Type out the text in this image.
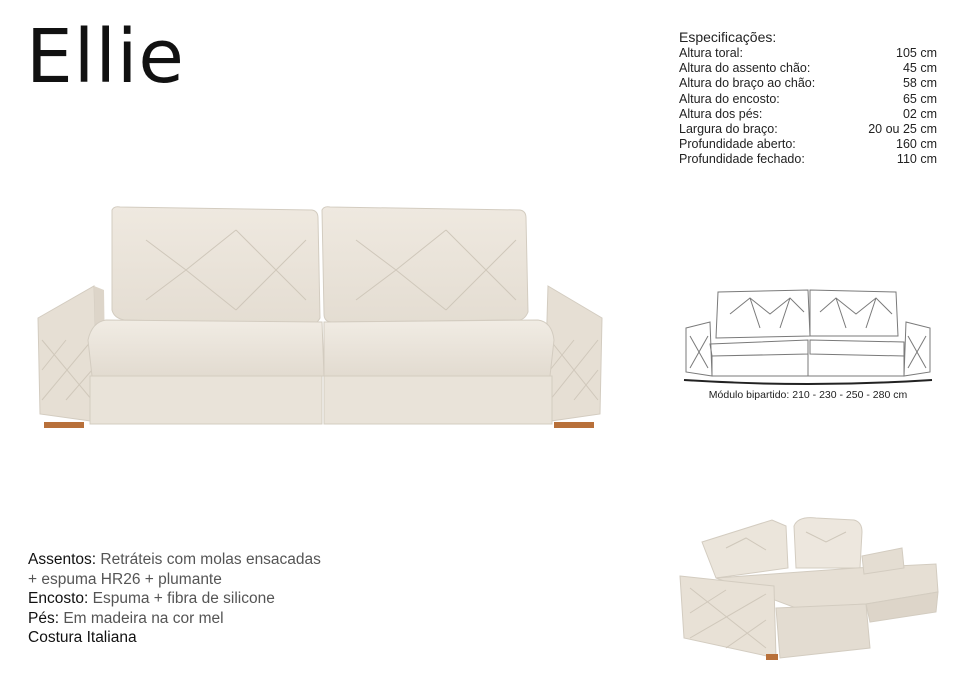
Ellie	Especificações:
Altura toral:	105 cm
Altura do assento chão:	45 cm
Altura do braço ao chão:	58 cm
Altura do encosto:	65 cm
Altura dos pés:	02 cm
Largura do braço:	20 ou 25 cm
Profundidade aberto:	160 cm
Profundidade fechado:	110 cm
Módulo bipartido: 210 - 230 - 250 - 280 cm
Assentos: Retráteis com molas ensacadas
+ espuma HR26 + plumante
Encosto: Espuma + fibra de silicone
Pés: Em madeira na cor mel
Costura Italiana
